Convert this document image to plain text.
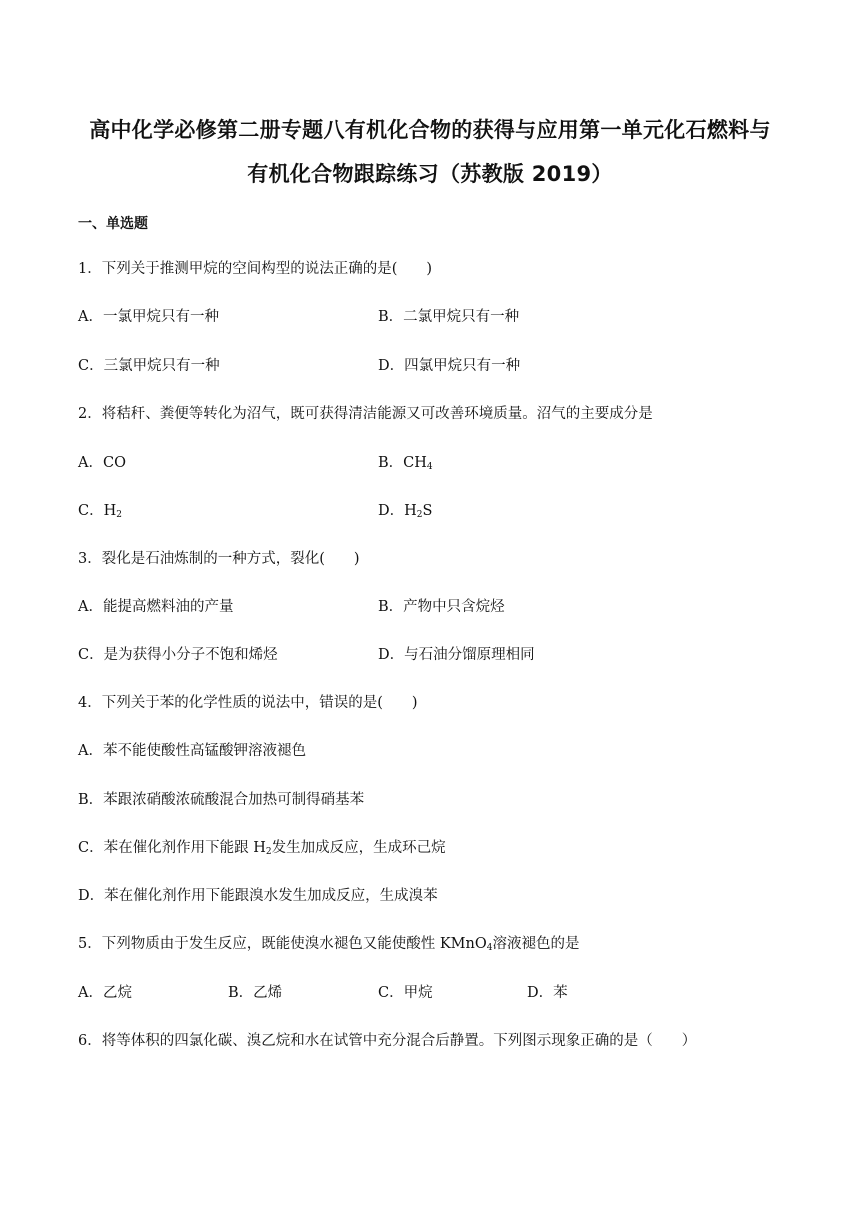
高中化学必修第二册专题八有机化合物的获得与应用第一单元化石燃料与
有机化合物跟踪练习（苏教版 2019）
一、单选题
1．下列关于推测甲烷的空间构型的说法正确的是(　　)
A．一氯甲烷只有一种	B．二氯甲烷只有一种
C．三氯甲烷只有一种	D．四氯甲烷只有一种
2．将秸秆、粪便等转化为沼气，既可获得清洁能源又可改善环境质量。沼气的主要成分是
A．CO	B．$CH_4$
C．$H_2$	D．$H_2S$
3．裂化是石油炼制的一种方式，裂化(　　)
A．能提高燃料油的产量	B．产物中只含烷烃
C．是为获得小分子不饱和烯烃	D．与石油分馏原理相同
4．下列关于苯的化学性质的说法中，错误的是(　　)
A．苯不能使酸性高锰酸钾溶液褪色
B．苯跟浓硝酸浓硫酸混合加热可制得硝基苯
C．苯在催化剂作用下能跟 $H_2$发生加成反应，生成环己烷
D．苯在催化剂作用下能跟溴水发生加成反应，生成溴苯
5．下列物质由于发生反应，既能使溴水褪色又能使酸性 KMnO$_4$溶液褪色的是
A．乙烷	B．乙烯	C．甲烷	D．苯
6．将等体积的四氯化碳、溴乙烷和水在试管中充分混合后静置。下列图示现象正确的是（　　）
